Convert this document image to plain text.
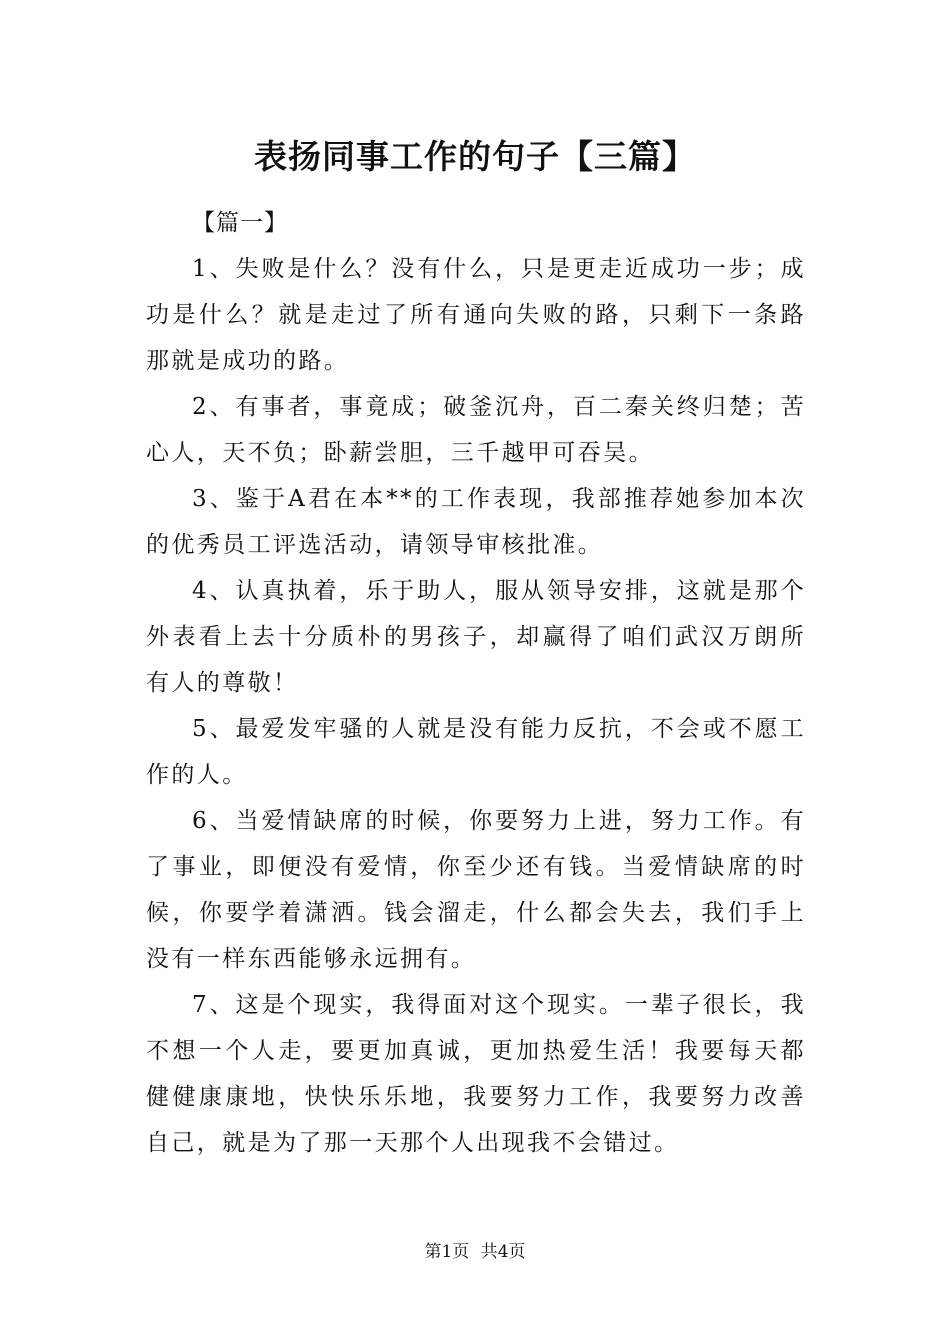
表扬同事工作的句子【三篇】

【篇一】

1、失败是什么？没有什么，只是更走近成功一步；成功是什么？就是走过了所有通向失败的路，只剩下一条路那就是成功的路。

2、有事者，事竟成；破釜沉舟，百二秦关终归楚；苦心人，天不负；卧薪尝胆，三千越甲可吞吴。

3、鉴于A君在本**的工作表现，我部推荐她参加本次的优秀员工评选活动，请领导审核批准。

4、认真执着，乐于助人，服从领导安排，这就是那个外表看上去十分质朴的男孩子，却赢得了咱们武汉万朗所有人的尊敬！

5、最爱发牢骚的人就是没有能力反抗，不会或不愿工作的人。

6、当爱情缺席的时候，你要努力上进，努力工作。有了事业，即便没有爱情，你至少还有钱。当爱情缺席的时候，你要学着潇洒。钱会溜走，什么都会失去，我们手上没有一样东西能够永远拥有。

7、这是个现实，我得面对这个现实。一辈子很长，我不想一个人走，要更加真诚，更加热爱生活！我要每天都健健康康地，快快乐乐地，我要努力工作，我要努力改善自己，就是为了那一天那个人出现我不会错过。

第1页 共4页
